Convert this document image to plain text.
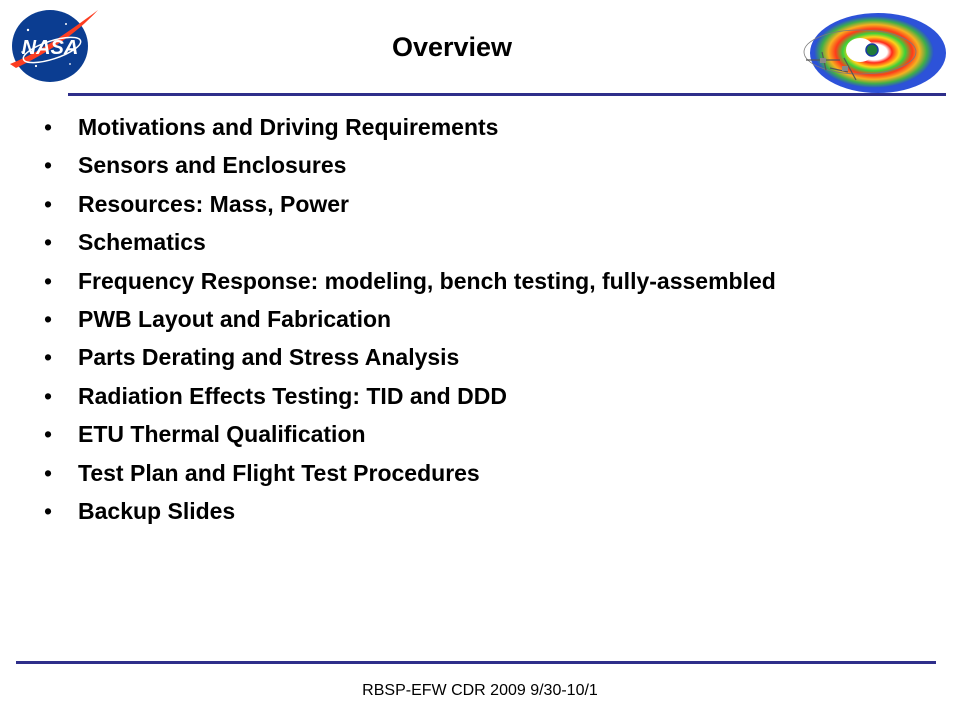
NASA	Overview
• Motivations and Driving Requirements
• Sensors and Enclosures
• Resources: Mass, Power
• Schematics
• Frequency Response: modeling, bench testing, fully-assembled
• PWB Layout and Fabrication
• Parts Derating and Stress Analysis
• Radiation Effects Testing: TID and DDD
• ETU Thermal Qualification
• Test Plan and Flight Test Procedures
• Backup Slides
RBSP-EFW CDR 2009 9/30-10/1
